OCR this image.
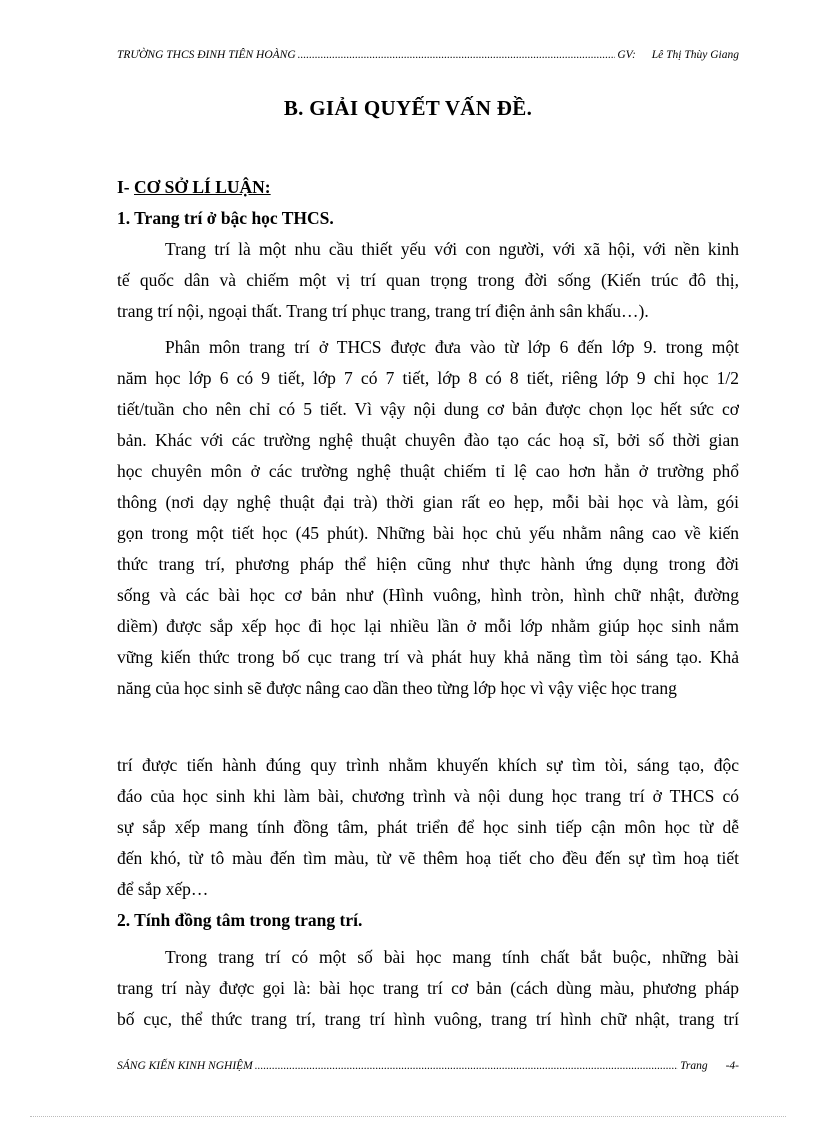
TRƯỜNG THCS ĐINH TIÊN HOÀNG .....	GV: Lê Thị Thùy Giang
B. GIẢI QUYẾT VẤN ĐỀ.
I- CƠ SỞ LÍ LUẬN:
1. Trang trí ở bậc học THCS.
Trang trí là một nhu cầu thiết yếu với con người, với xã hội, với nền kinh
tế quốc dân và chiếm một vị trí quan trọng trong đời sống (Kiến trúc đô thị,
trang trí nội, ngoại thất. Trang trí phục trang, trang trí điện ảnh sân khấu…).
Phân môn trang trí ở THCS được đưa vào từ lớp 6 đến lớp 9. trong một
năm học lớp 6 có 9 tiết, lớp 7 có 7 tiết, lớp 8 có 8 tiết, riêng lớp 9 chỉ học 1/2
tiết/tuần cho nên chỉ có 5 tiết. Vì vậy nội dung cơ bản được chọn lọc hết sức cơ
bản. Khác với các trường nghệ thuật chuyên đào tạo các hoạ sĩ, bởi số thời gian
học chuyên môn ở các trường nghệ thuật chiếm tỉ lệ cao hơn hẳn ở trường phổ
thông (nơi dạy nghệ thuật đại trà) thời gian rất eo hẹp, mỗi bài học và làm, gói
gọn trong một tiết học (45 phút). Những bài học chủ yếu nhằm nâng cao về kiến
thức trang trí, phương pháp thể hiện cũng như thực hành ứng dụng trong đời
sống và các bài học cơ bản như (Hình vuông, hình tròn, hình chữ nhật, đường
diềm) được sắp xếp học đi học lại nhiều lần ở mỗi lớp nhằm giúp học sinh nắm
vững kiến thức trong bố cục trang trí và phát huy khả năng tìm tòi sáng tạo. Khả
năng của học sinh sẽ được nâng cao dần theo từng lớp học vì vậy việc học trang
trí được tiến hành đúng quy trình nhằm khuyến khích sự tìm tòi, sáng tạo, độc
đáo của học sinh khi làm bài, chương trình và nội dung học trang trí ở THCS có
sự sắp xếp mang tính đồng tâm, phát triển để học sinh tiếp cận môn học từ dễ
đến khó, từ tô màu đến tìm màu, từ vẽ thêm hoạ tiết cho đều đến sự tìm hoạ tiết
để sắp xếp…
2. Tính đồng tâm trong trang trí.
Trong trang trí có một số bài học mang tính chất bắt buộc, những bài
trang trí này được gọi là: bài học trang trí cơ bản (cách dùng màu, phương pháp
bố cục, thể thức trang trí, trang trí hình vuông, trang trí hình chữ nhật, trang trí
SÁNG KIẾN KINH NGHIỆM .....	Trang -4-
